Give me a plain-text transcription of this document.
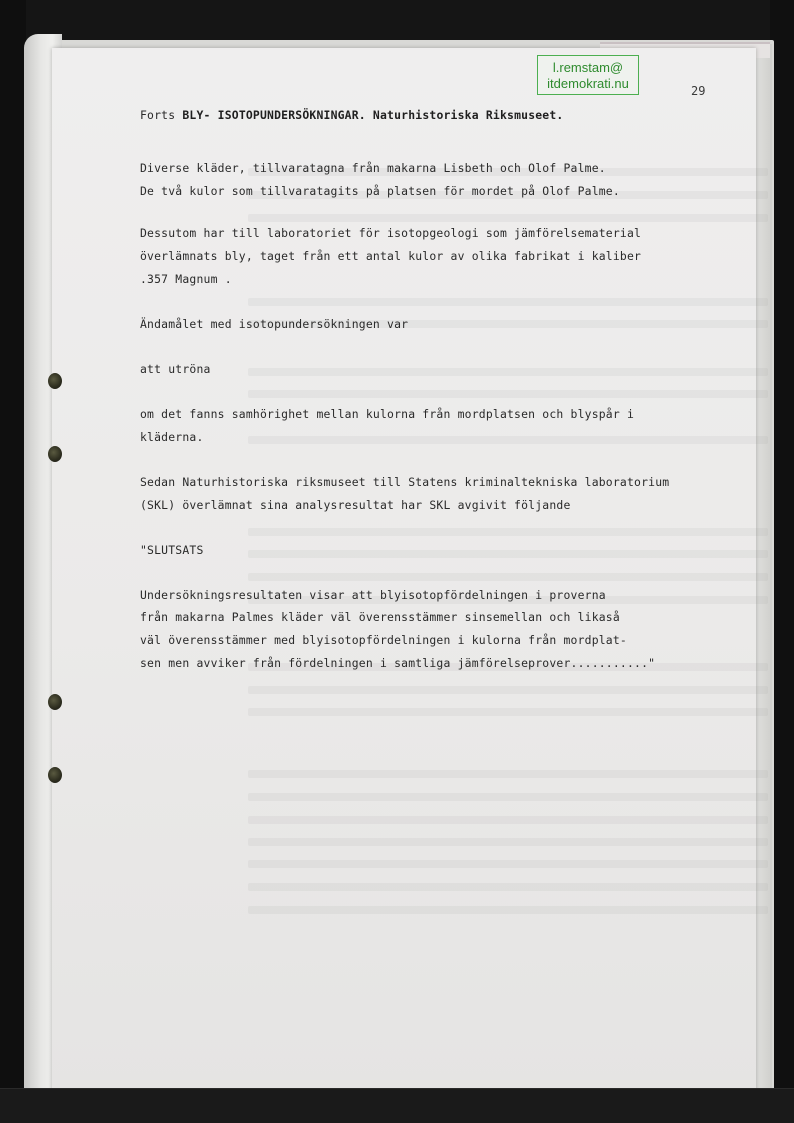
l.remstam@
itdemokrati.nu	29

Forts BLY- ISOTOPUNDERSÖKNINGAR. Naturhistoriska Riksmuseet.

Diverse kläder, tillvaratagna från makarna Lisbeth och Olof Palme.

De två kulor som tillvaratagits på platsen för mordet på Olof Palme.

Dessutom har till laboratoriet för isotopgeologi som jämförelsematerial

överlämnats bly, taget från ett antal kulor av olika fabrikat i kaliber

.357 Magnum .

Ändamålet med isotopundersökningen var

att utröna

om det fanns samhörighet mellan kulorna från mordplatsen och blyspår i

kläderna.

Sedan Naturhistoriska riksmuseet till Statens kriminaltekniska laboratorium

(SKL) överlämnat sina analysresultat har SKL avgivit följande

"SLUTSATS

Undersökningsresultaten visar att blyisotopfördelningen i proverna

från makarna Palmes kläder väl överensstämmer sinsemellan och likaså

väl överensstämmer med blyisotopfördelningen i kulorna från mordplat-

sen men avviker från fördelningen i samtliga jämförelseprover..........."
